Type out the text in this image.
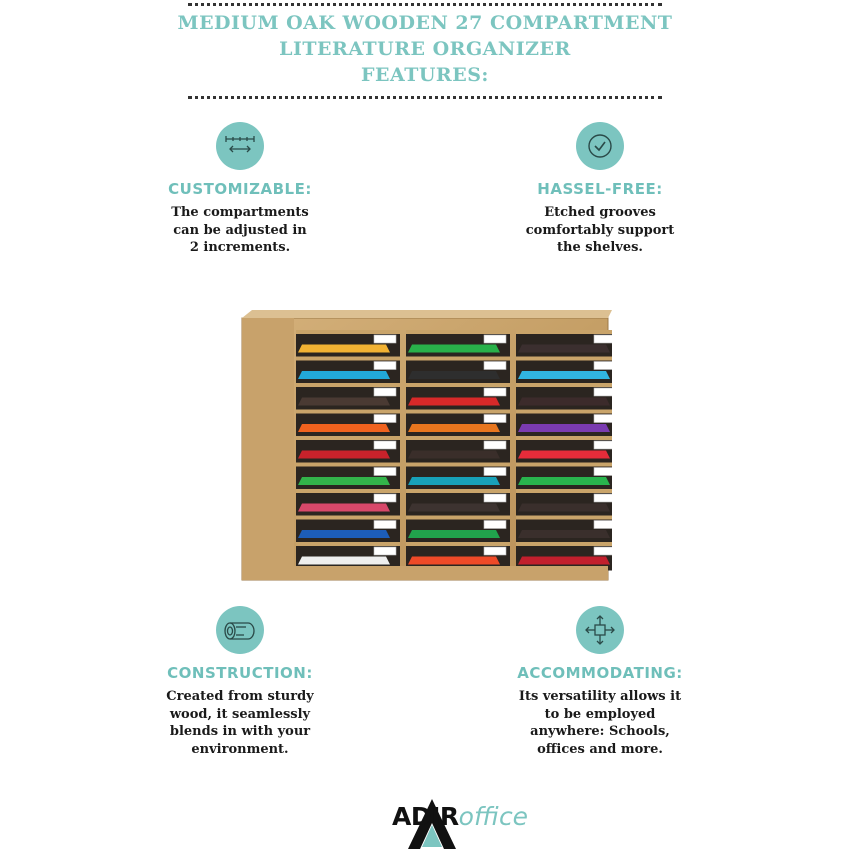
MEDIUM OAK WOODEN 27 COMPARTMENT
LITERATURE ORGANIZER
FEATURES:
CUSTOMIZABLE:
The compartments
can be adjusted in
2 increments.
HASSEL-FREE:
Etched grooves
comfortably support
the shelves.
CONSTRUCTION:
Created from sturdy
wood, it seamlessly
blends in with your
environment.
ACCOMMODATING:
Its versatility allows it
to be employed
anywhere: Schools,
offices and more.
ADIRoffice
